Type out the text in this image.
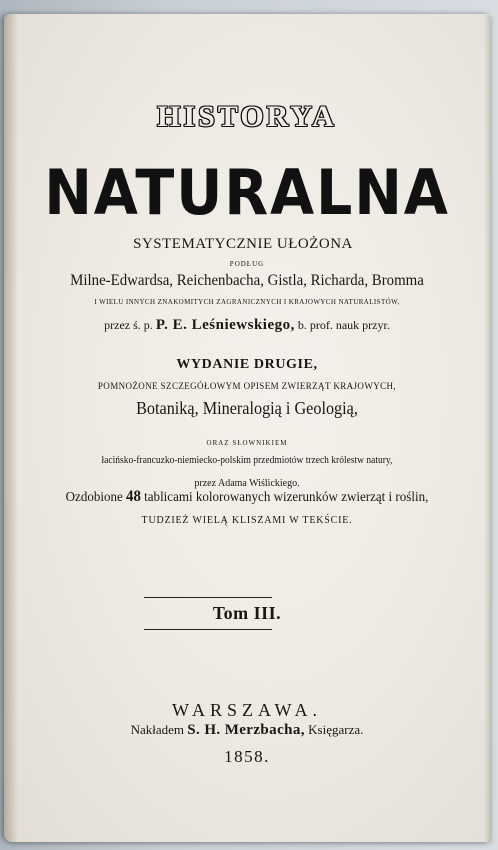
HISTORYA
NATURALNA
SYSTEMATYCZNIE UŁOŻONA
PODŁUG
Milne-Edwardsa, Reichenbacha, Gistla, Richarda, Bromma
I WIELU INNYCH ZNAKOMITYCH ZAGRANICZNYCH I KRAJOWYCH NATURALISTÓW,
przez ś. p. P. E. Leśniewskiego, b. prof. nauk przyr.
WYDANIE DRUGIE,
POMNOŻONE SZCZEGÓŁOWYM OPISEM ZWIERZĄT KRAJOWYCH,
Botaniką, Mineralogią i Geologią,
ORAZ SŁOWNIKIEM
łacińsko-francuzko-niemiecko-polskim przedmiotów trzech królestw natury,
przez Adama Wiślickiego.
Ozdobione 48 tablicami kolorowanych wizerunków zwierząt i roślin,
TUDZIEŻ WIELĄ KLISZAMI W TEKŚCIE.
Tom III.
WARSZAWA.
Nakładem S. H. Merzbacha, Księgarza.
1858.
